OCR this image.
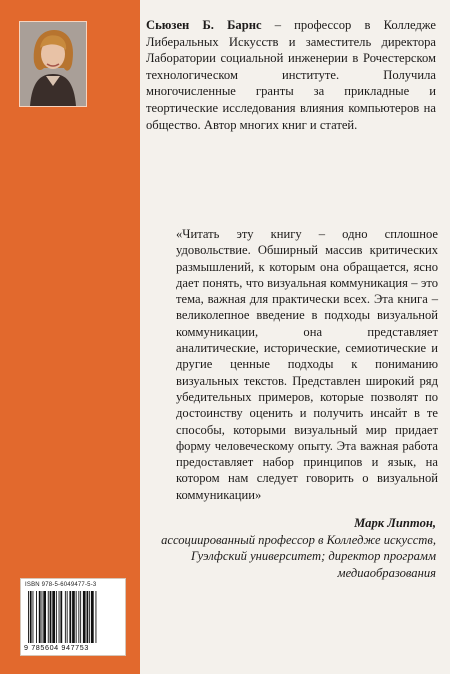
Сьюзен Б. Барнс – профессор в Колледже Либеральных Искусств и заместитель директора Лаборатории социальной инженерии в Рочестерском технологическом институте. Получила многочисленные гранты за прикладные и теортические исследования влияния компьютеров на общество. Автор многих книг и статей.
«Читать эту книгу – одно сплошное удовольствие. Обширный массив критических размышлений, к которым она обращается, ясно дает понять, что визуальная коммуникация – это тема, важная для практически всех. Эта книга – великолепное введение в подходы визуальной коммуникации, она представляет аналитические, исторические, семиотические и другие ценные подходы к пониманию визуальных текстов. Представлен широкий ряд убедительных примеров, которые позволят по достоинству оценить и получить инсайт в те способы, которыми визуальный мир придает форму человеческому опыту. Эта важная работа предоставляет набор принципов и язык, на котором нам следует говорить о визуальной коммуникации»
Марк Липтон,
ассоциированный профессор в Колледже искусств, Гуэлфский университет; директор программ медиаобразования
ISBN 978-5-6049477-5-3
9 785604 947753
